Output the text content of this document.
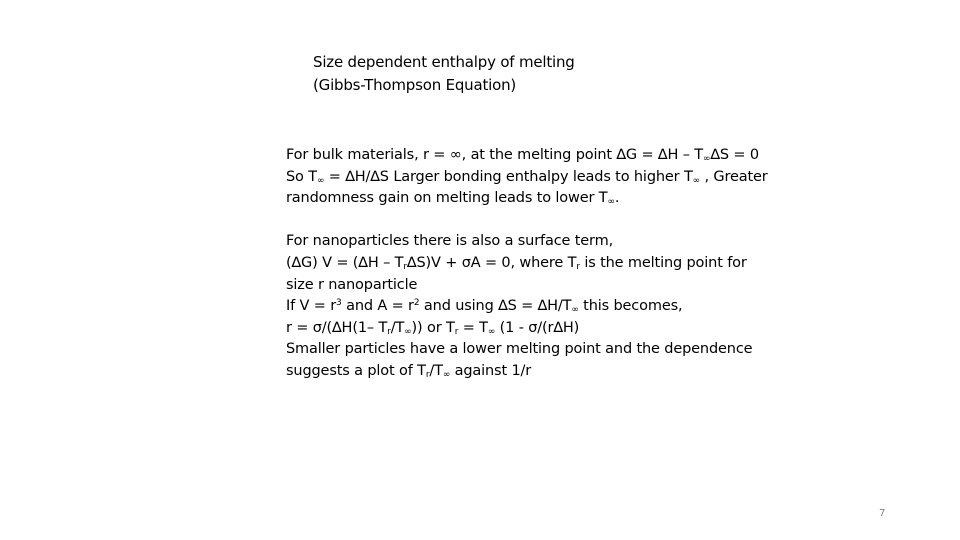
Size dependent enthalpy of melting
(Gibbs-Thompson Equation)
For bulk materials, r = ∞, at the melting point $\Delta G = \Delta H - T_\infty\Delta S = 0$
So $T_\infty = \Delta H/\Delta S$ Larger bonding enthalpy leads to higher $T_\infty$ , Greater
randomness gain on melting leads to lower $T_\infty$.
For nanoparticles there is also a surface term,
(∆G) $V = (\Delta H - T_r\Delta S)V + \sigma A = 0$, where $T_r$ is the melting point for
size r nanoparticle
If $V = r^3$ and $A = r^2$ and using $\Delta S = \Delta H/T_\infty$ this becomes,
r = σ/(∆H(1– $T_r/T_\infty$)) or $T_r = T_\infty$ (1 - σ/(r∆H)
Smaller particles have a lower melting point and the dependence
suggests a plot of $T_r/T_\infty$ against 1/r
7
